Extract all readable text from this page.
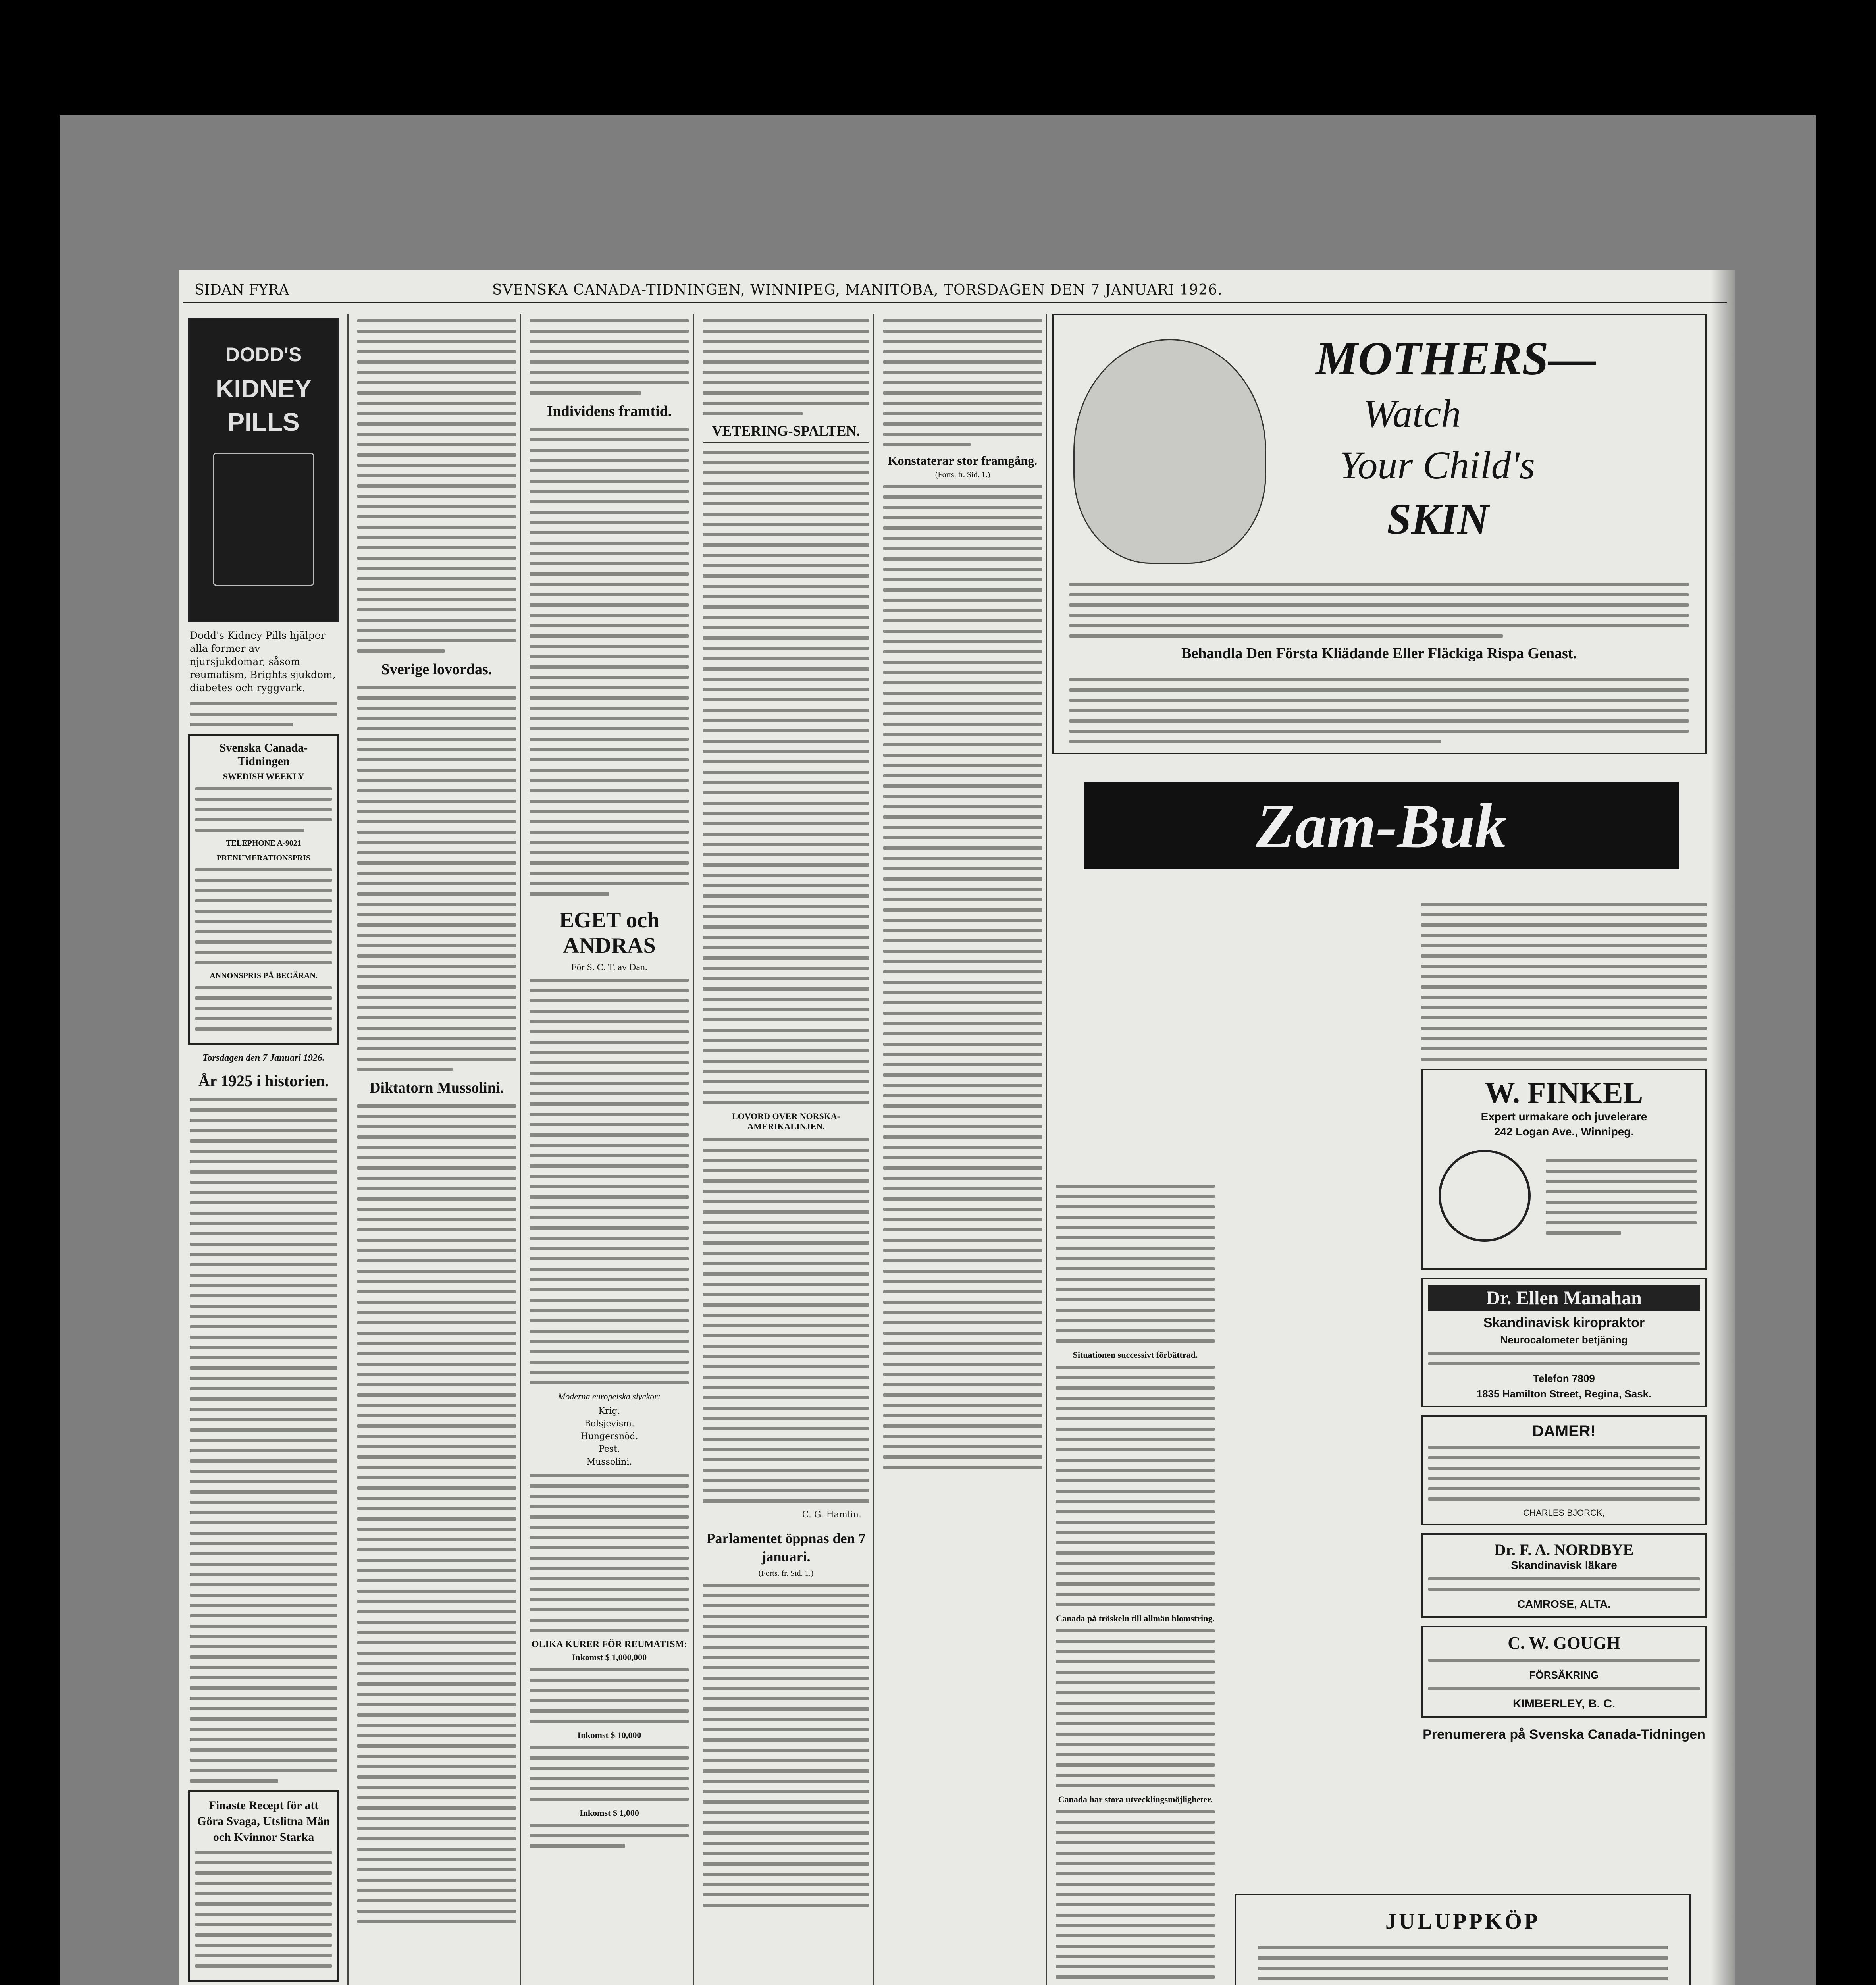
SIDAN FYRA	SVENSKA CANADA-TIDNINGEN, WINNIPEG, MANITOBA, TORSDAGEN DEN 7 JANUARI 1926.
DODD'S
KIDNEY
PILLS
Dodd's Kidney Pills hjälper alla former av njursjukdomar, såsom reumatism, Brights sjukdom, diabetes och ryggvärk.
Svenska Canada-Tidningen
SWEDISH WEEKLY
TELEPHONE A-9021
PRENUMERATIONSPRIS
ANNONSPRIS PÅ BEGÄRAN.
Torsdagen den 7 Januari 1926.
År 1925 i historien.
Finaste Recept för att Göra Svaga, Utslitna Män och Kvinnor Starka
Sverige lovordas.
Diktatorn Mussolini.
Individens framtid.
EGET och ANDRAS
För S. C. T. av Dan.
Moderna europeiska slyckor:
Krig.
Bolsjevism.
Hungersnöd.
Pest.
Mussolini.
OLIKA KURER FÖR REUMATISM:
Inkomst $ 1,000,000
Inkomst $ 10,000
Inkomst $ 1,000
VETERING-SPALTEN.
LOVORD OVER NORSKA-AMERIKALINJEN.
C. G. Hamlin.
Parlamentet öppnas den 7 januari.
(Forts. fr. Sid. 1.)
Konstaterar stor framgång.
(Forts. fr. Sid. 1.)
Situationen successivt förbättrad.
Canada på tröskeln till allmän blomstring.
Canada har stora utvecklingsmöjligheter.
MOTHERS—
Watch
Your Child's
SKIN
Behandla Den Första Kliädande Eller Fläckiga Rispa Genast.
Zam-Buk
W. FINKEL
Expert urmakare och juvelerare
242 Logan Ave., Winnipeg.
Dr. Ellen Manahan
Skandinavisk kiropraktor
Neurocalometer betjäning
Telefon 7809
1835 Hamilton Street, Regina, Sask.
DAMER!
CHARLES BJORCK,
Dr. F. A. NORDBYE
Skandinavisk läkare
CAMROSE, ALTA.
C. W. GOUGH
FÖRSÄKRING
KIMBERLEY, B. C.
Prenumerera på Svenska Canada-Tidningen
JULUPPKÖP
